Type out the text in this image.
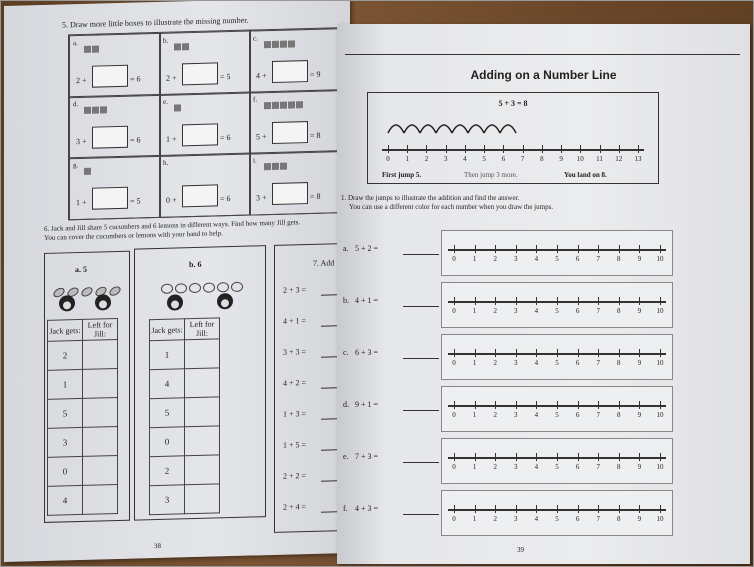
5. Draw more little boxes to illustrate the missing number.
a.
2 +	= 6
b.
2 +	= 5
c.
4 +	= 9
d.
3 +	= 6
e.
1 +	= 6
f.
5 +	= 8
g.
1 +	= 5
h.
0 +	= 6
i.
3 +	= 8
6. Jack and Jill share 5 cucumbers and 6 lemons in different ways. Find how many Jill gets.
You can cover the cucumbers or lemons with your hand to help.
a. 5
Jack gets:	Left for Jill:
2	
1	
5	
3	
0	
4	
b. 6
Jack gets:	Left for Jill:
1	
4	
5	
0	
2	
3	
7. Add
2 + 3 =
4 + 1 =
3 + 3 =
4 + 2 =
1 + 3 =
1 + 5 =
2 + 2 =
2 + 4 =
38
Adding on a Number Line
5 + 3 = 8
0	1	2	3	4	5	6	7	8	9	10	11	12	13
First jump 5.	Then jump 3 more.	You land on 8.
1. Draw the jumps to illustrate the addition and find the answer.
You can use a different color for each number when you draw the jumps.
a. 5 + 2 =
0	1	2	3	4	5	6	7	8	9	10
b. 4 + 1 =
0	1	2	3	4	5	6	7	8	9	10
c. 6 + 3 =
0	1	2	3	4	5	6	7	8	9	10
d. 9 + 1 =
0	1	2	3	4	5	6	7	8	9	10
e. 7 + 3 =
0	1	2	3	4	5	6	7	8	9	10
f. 4 + 3 =
0	1	2	3	4	5	6	7	8	9	10
39
